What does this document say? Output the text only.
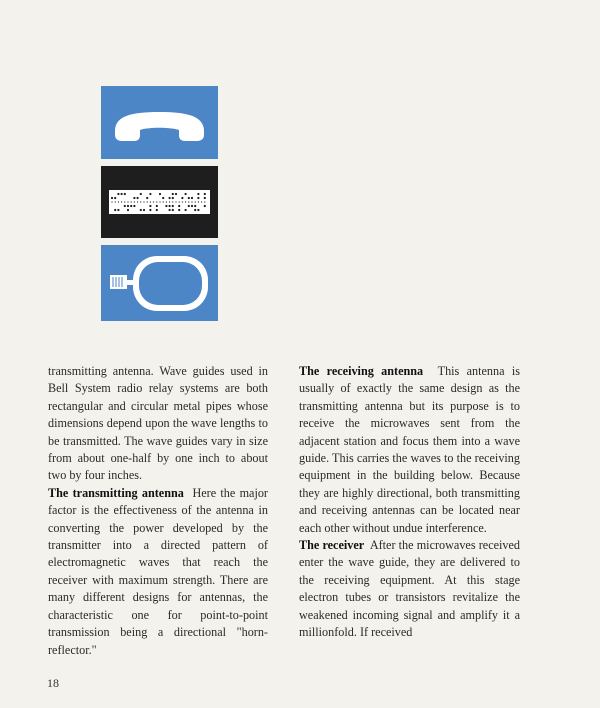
transmitting antenna. Wave guides used in Bell System radio relay systems are both rectangular and circular metal pipes whose dimensions depend upon the wave lengths to be transmitted. The wave guides vary in size from about one-half by one inch to about two by four inches.

The transmitting antenna Here the major factor is the effectiveness of the antenna in converting the power developed by the transmitter into a directed pattern of electromagnetic waves that reach the receiver with maximum strength. There are many different designs for antennas, the characteristic one for point-to-point transmission being a directional "horn-reflector."

The receiving antenna This antenna is usually of exactly the same design as the transmitting antenna but its purpose is to receive the microwaves sent from the adjacent station and focus them into a wave guide. This carries the waves to the receiving equipment in the building below. Because they are highly directional, both transmitting and receiving antennas can be located near each other without undue interference.

The receiver After the microwaves received enter the wave guide, they are delivered to the receiving equipment. At this stage electron tubes or transistors revitalize the weakened incoming signal and amplify it a millionfold. If received

18
